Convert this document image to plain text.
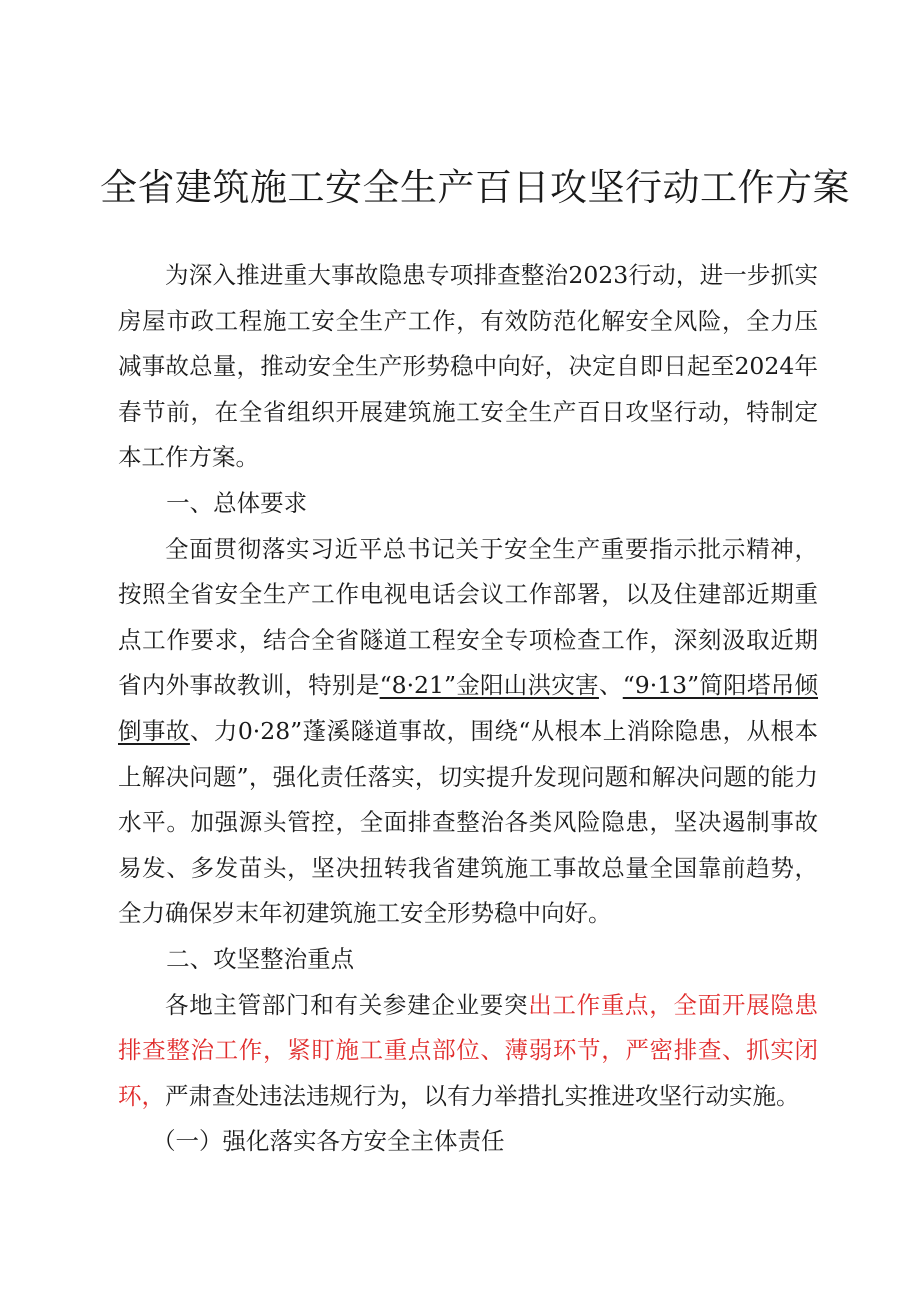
全省建筑施工安全生产百日攻坚行动工作方案

为深入推进重大事故隐患专项排查整治2023行动，进一步抓实房屋市政工程施工安全生产工作，有效防范化解安全风险，全力压减事故总量，推动安全生产形势稳中向好，决定自即日起至2024年春节前，在全省组织开展建筑施工安全生产百日攻坚行动，特制定本工作方案。

一、总体要求

全面贯彻落实习近平总书记关于安全生产重要指示批示精神，按照全省安全生产工作电视电话会议工作部署，以及住建部近期重点工作要求，结合全省隧道工程安全专项检查工作，深刻汲取近期省内外事故教训，特别是“8·21”金阳山洪灾害、“9·13”简阳塔吊倾倒事故、力0·28”蓬溪隧道事故，围绕“从根本上消除隐患，从根本上解决问题”，强化责任落实，切实提升发现问题和解决问题的能力水平。加强源头管控，全面排查整治各类风险隐患，坚决遏制事故易发、多发苗头，坚决扭转我省建筑施工事故总量全国靠前趋势，全力确保岁末年初建筑施工安全形势稳中向好。

二、攻坚整治重点

各地主管部门和有关参建企业要突出工作重点，全面开展隐患排查整治工作，紧盯施工重点部位、薄弱环节，严密排查、抓实闭环，严肃查处违法违规行为，以有力举措扎实推进攻坚行动实施。

（一）强化落实各方安全主体责任
